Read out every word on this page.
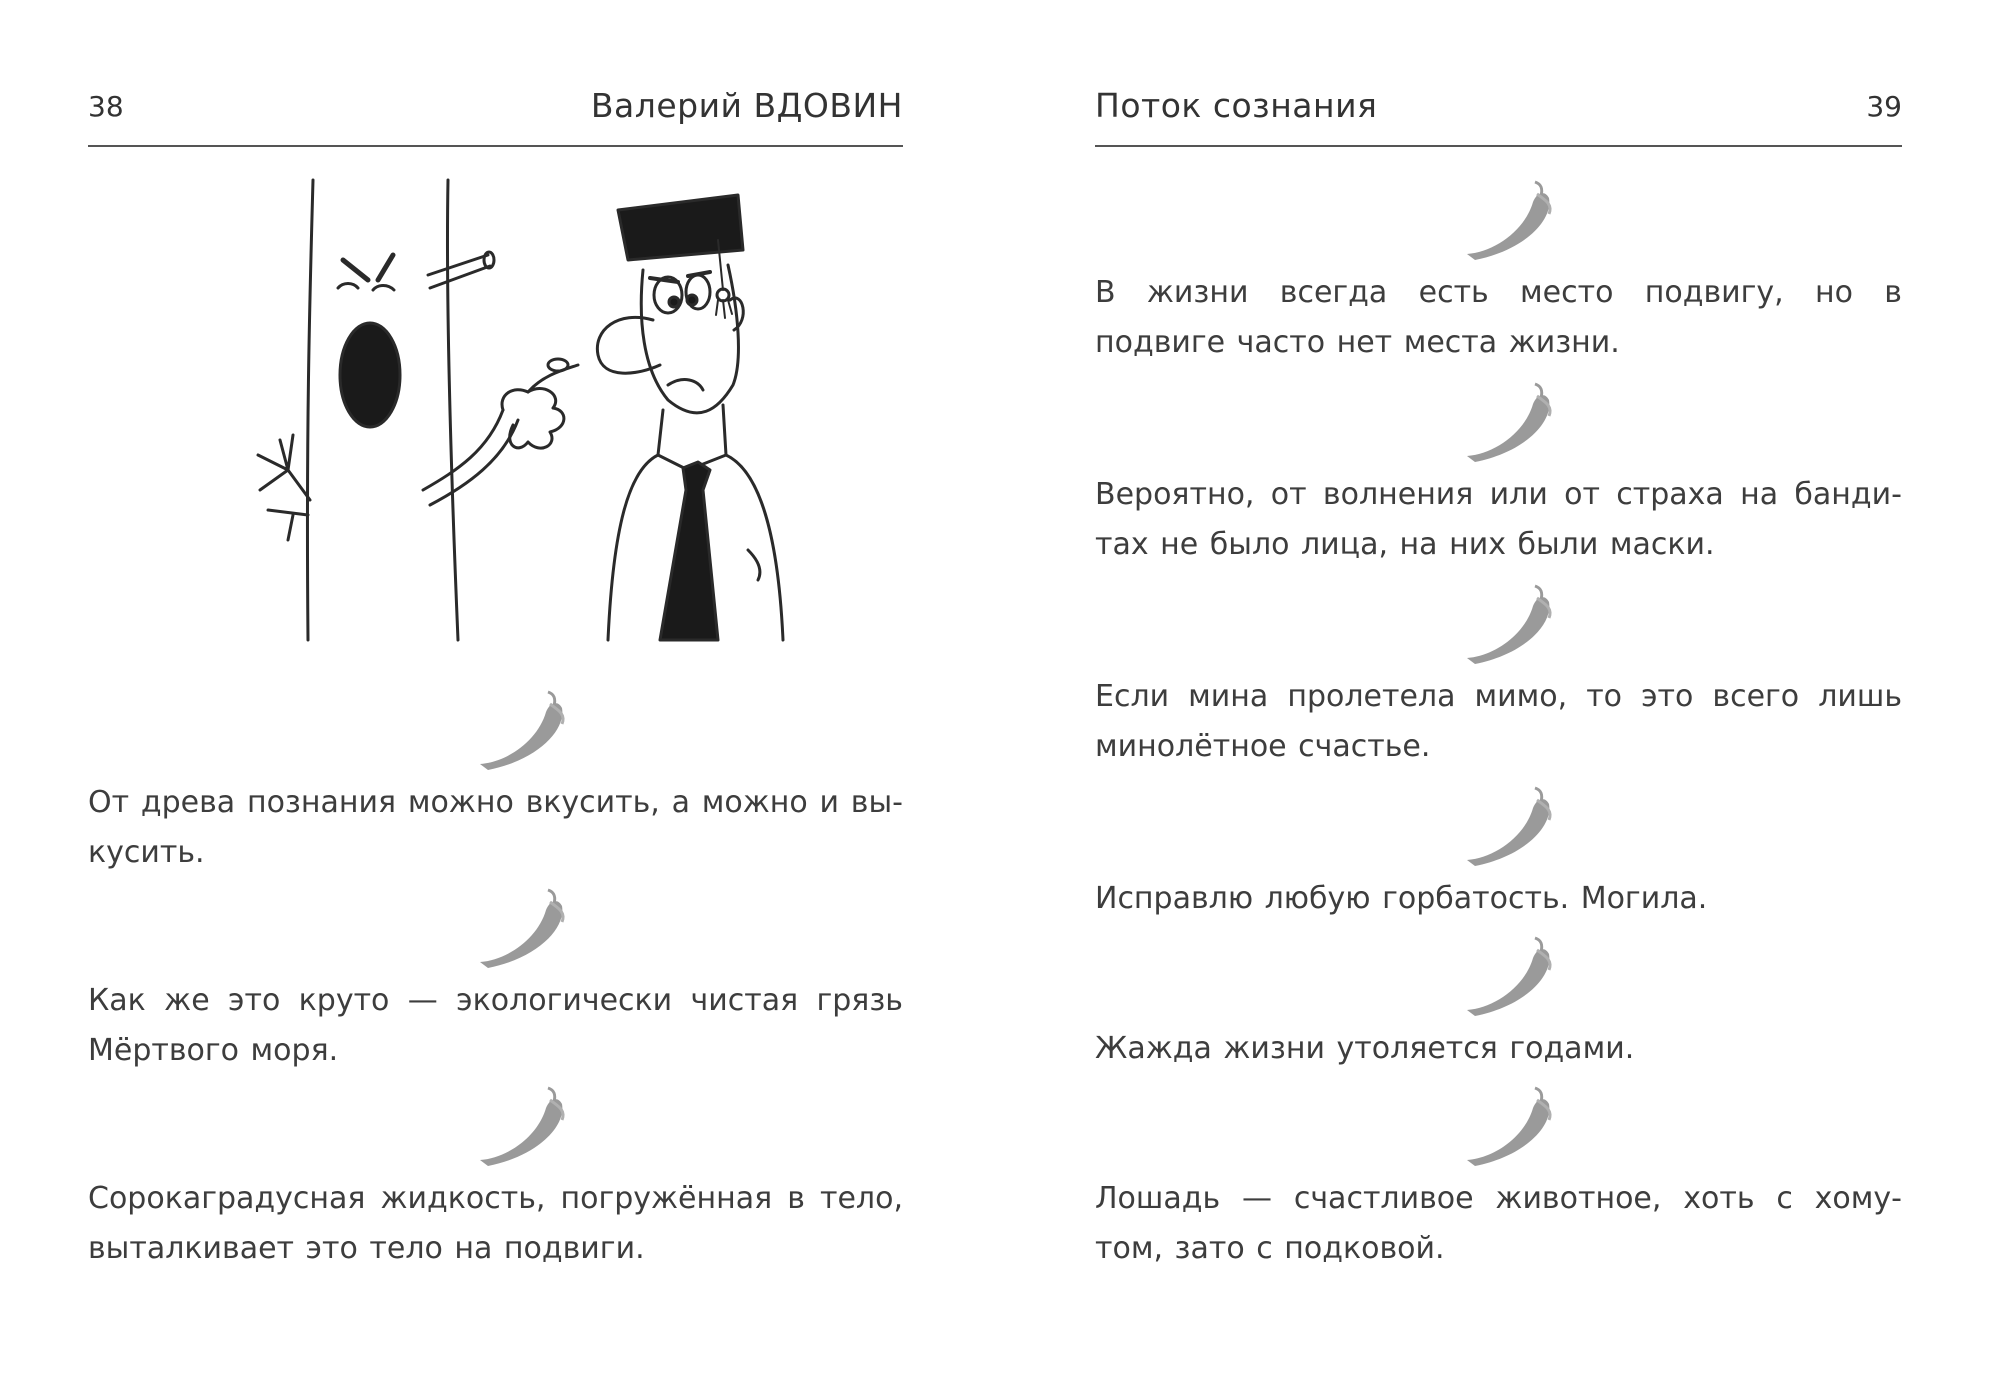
38	Валерий ВДОВИН

От древа познания можно вкусить, а можно и вы-кусить.

Как же это круто — экологически чистая грязь Мёртвого моря.

Сорокаградусная жидкость, погружённая в тело, выталкивает это тело на подвиги.

Поток сознания	39

В жизни всегда есть место подвигу, но в подвиге часто нет места жизни.

Вероятно, от волнения или от страха на банди-тах не было лица, на них были маски.

Если мина пролетела мимо, то это всего лишь минолётное счастье.

Исправлю любую горбатость. Могила.

Жажда жизни утоляется годами.

Лошадь — счастливое животное, хоть с хому-том, зато с подковой.
